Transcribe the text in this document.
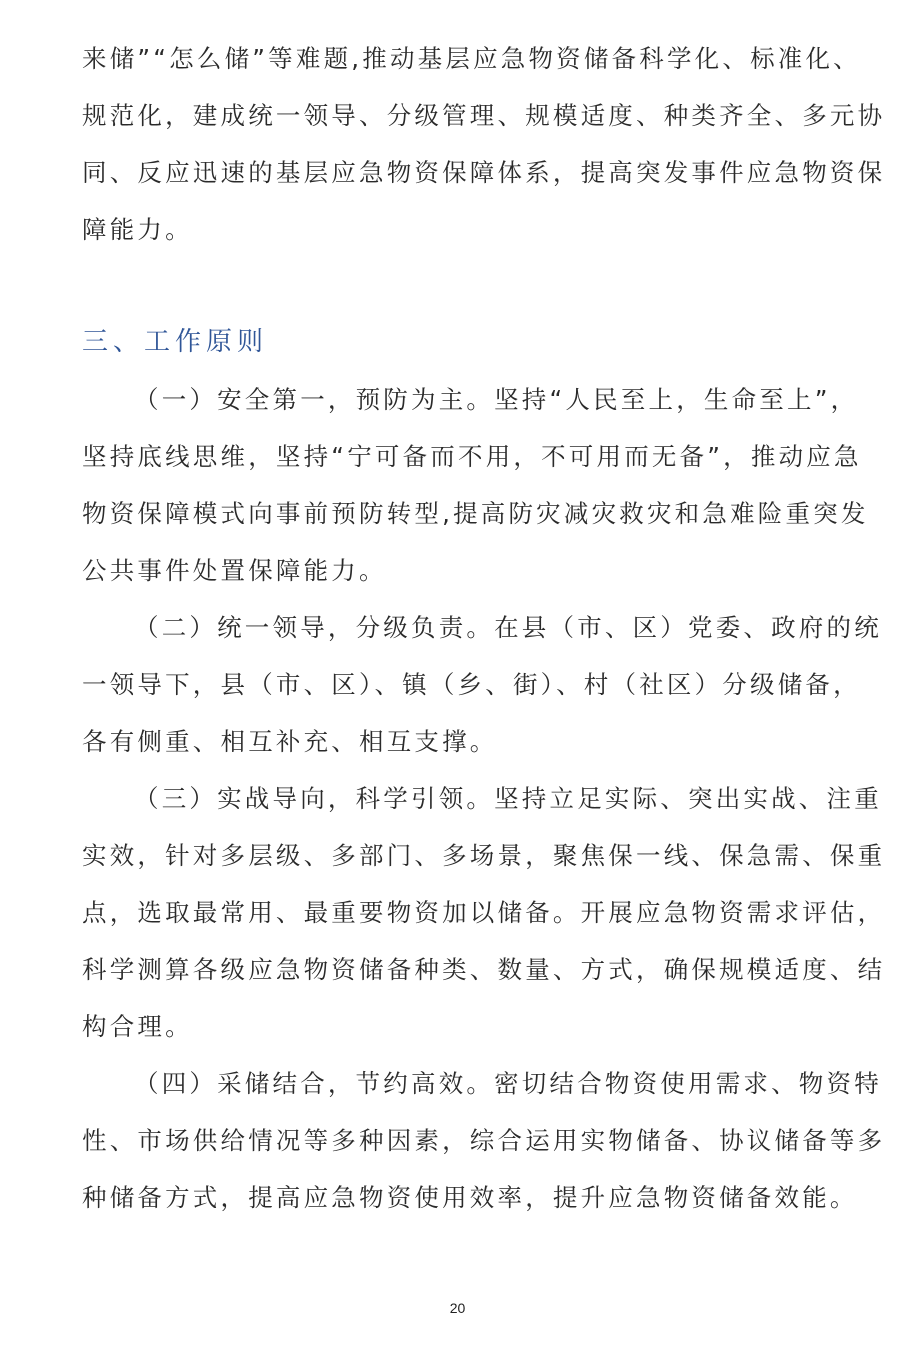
来储”“怎么储”等难题,推动基层应急物资储备科学化、标准化、
规范化，建成统一领导、分级管理、规模适度、种类齐全、多元协
同、反应迅速的基层应急物资保障体系，提高突发事件应急物资保
障能力。
三、工作原则
（一）安全第一，预防为主。坚持“人民至上，生命至上”，
坚持底线思维，坚持“宁可备而不用，不可用而无备”，推动应急
物资保障模式向事前预防转型,提高防灾减灾救灾和急难险重突发
公共事件处置保障能力。
（二）统一领导，分级负责。在县（市、区）党委、政府的统
一领导下，县（市、区）、镇（乡、街）、村（社区）分级储备，
各有侧重、相互补充、相互支撑。
（三）实战导向，科学引领。坚持立足实际、突出实战、注重
实效，针对多层级、多部门、多场景，聚焦保一线、保急需、保重
点，选取最常用、最重要物资加以储备。开展应急物资需求评估，
科学测算各级应急物资储备种类、数量、方式，确保规模适度、结
构合理。
（四）采储结合，节约高效。密切结合物资使用需求、物资特
性、市场供给情况等多种因素，综合运用实物储备、协议储备等多
种储备方式，提高应急物资使用效率，提升应急物资储备效能。
20
